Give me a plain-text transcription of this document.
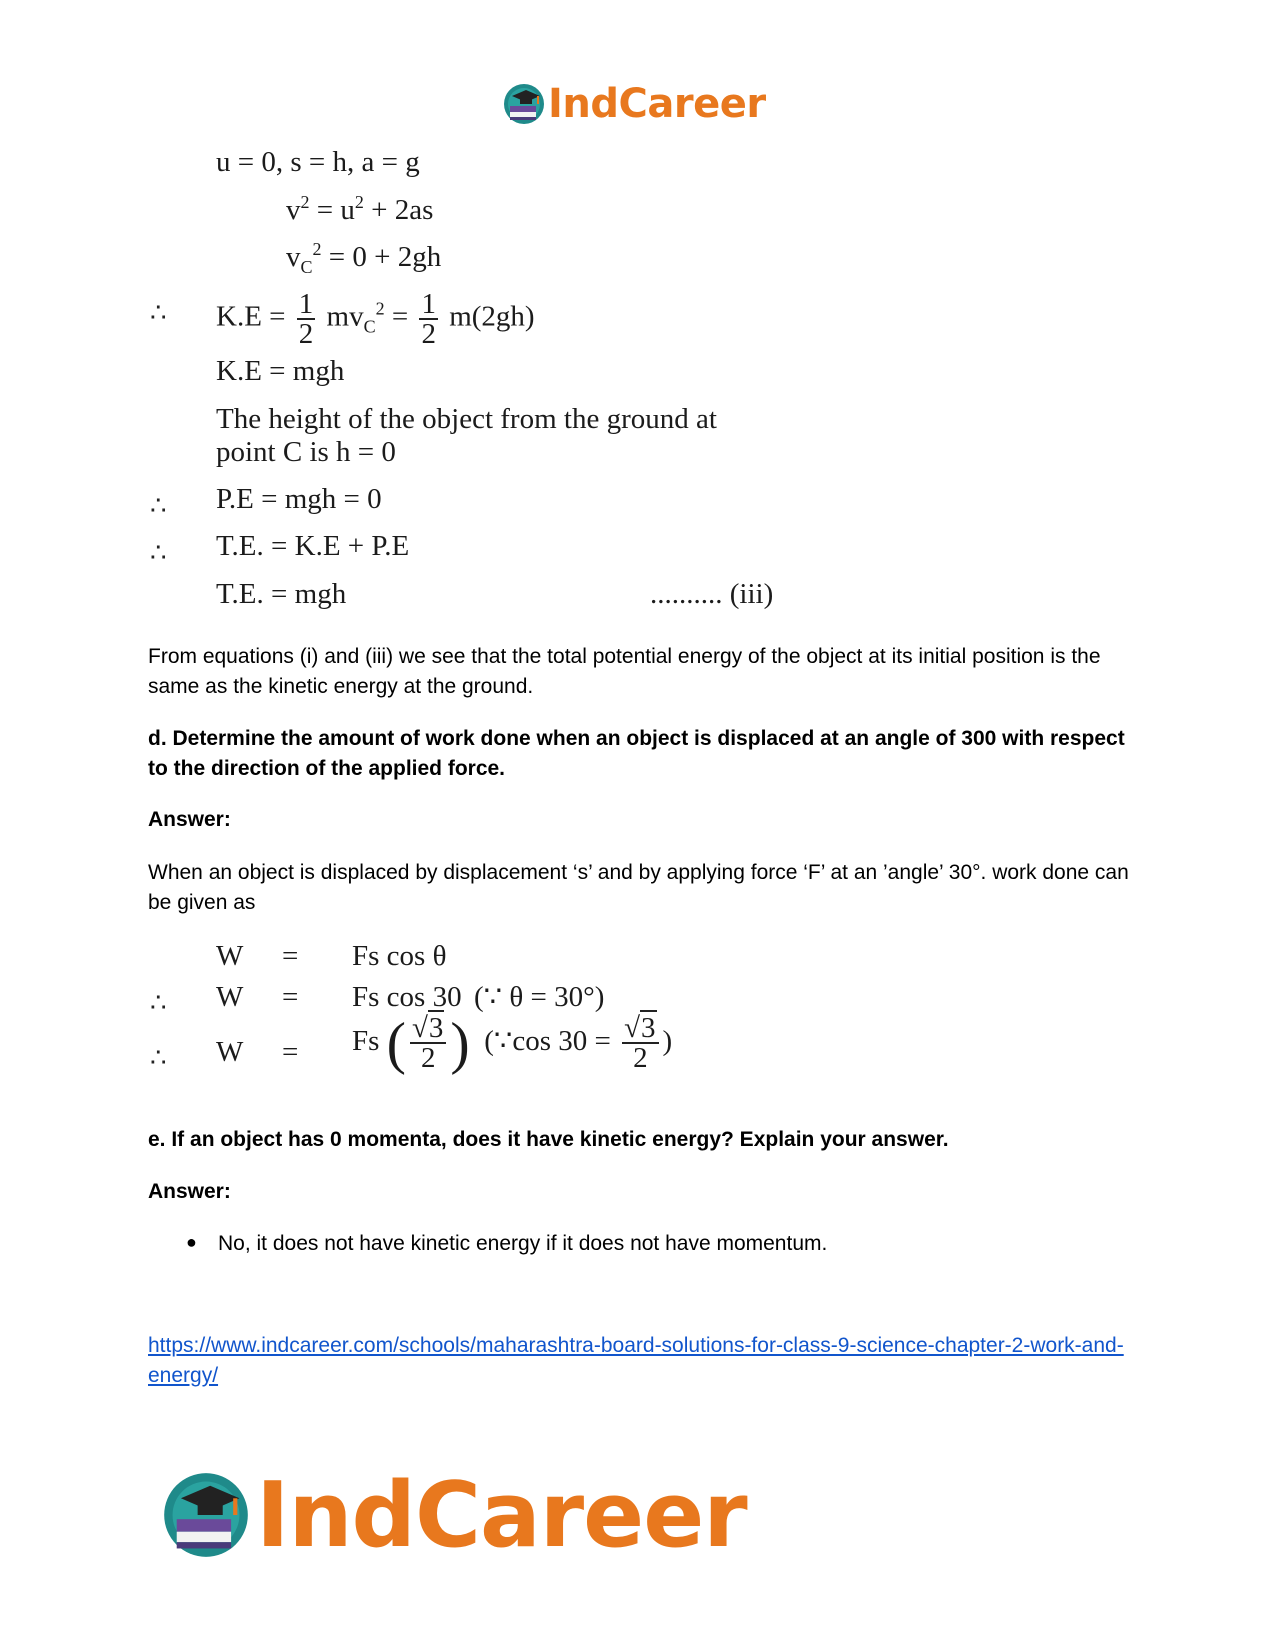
IndCareer
u = 0, s = h, a = g
$v^2 = u^2 + 2as$
$v_C^2 = 0 + 2gh$
∴ $K.E = \frac{1}{2} mv_C^2 = \frac{1}{2} m(2gh)$
K.E = mgh
The height of the object from the ground at
point C is h = 0
∴ P.E = mgh = 0
∴ T.E. = K.E + P.E
T.E. = mgh	.......... (iii)
From equations (i) and (iii) we see that the total potential energy of the object at its initial position is the same as the kinetic energy at the ground.
d. Determine the amount of work done when an object is displaced at an angle of 300 with respect to the direction of the applied force.
Answer:
When an object is displaced by displacement ‘s’ and by applying force ‘F’ at an ’angle’ 30°. work done can be given as
W = Fs cos θ
∴ W = Fs cos 30 (∵ θ = 30°)
∴ W = Fs ( $\frac{√3}{2}$ ) (∵cos $30 = \frac{√3}{2}$ )
e. If an object has 0 momenta, does it have kinetic energy? Explain your answer.
Answer:
● No, it does not have kinetic energy if it does not have momentum.
https://www.indcareer.com/schools/maharashtra-board-solutions-for-class-9-science-chapter-2-work-and-energy/
IndCareer
